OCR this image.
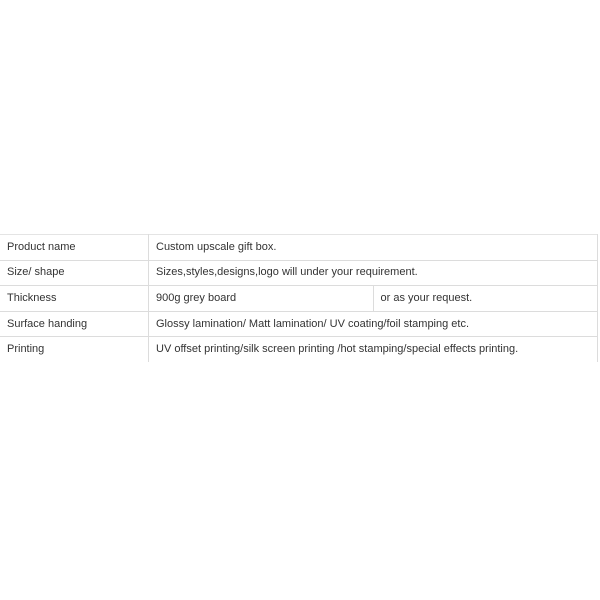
Product name	Custom upscale gift box.	
Size/ shape	Sizes,styles,designs,logo will under your requirement.	
Thickness	900g grey board	or as your request.
Surface handing	Glossy lamination/ Matt lamination/ UV coating/foil stamping etc.	
Printing	UV offset printing/silk screen printing /hot stamping/special effects printing.	
